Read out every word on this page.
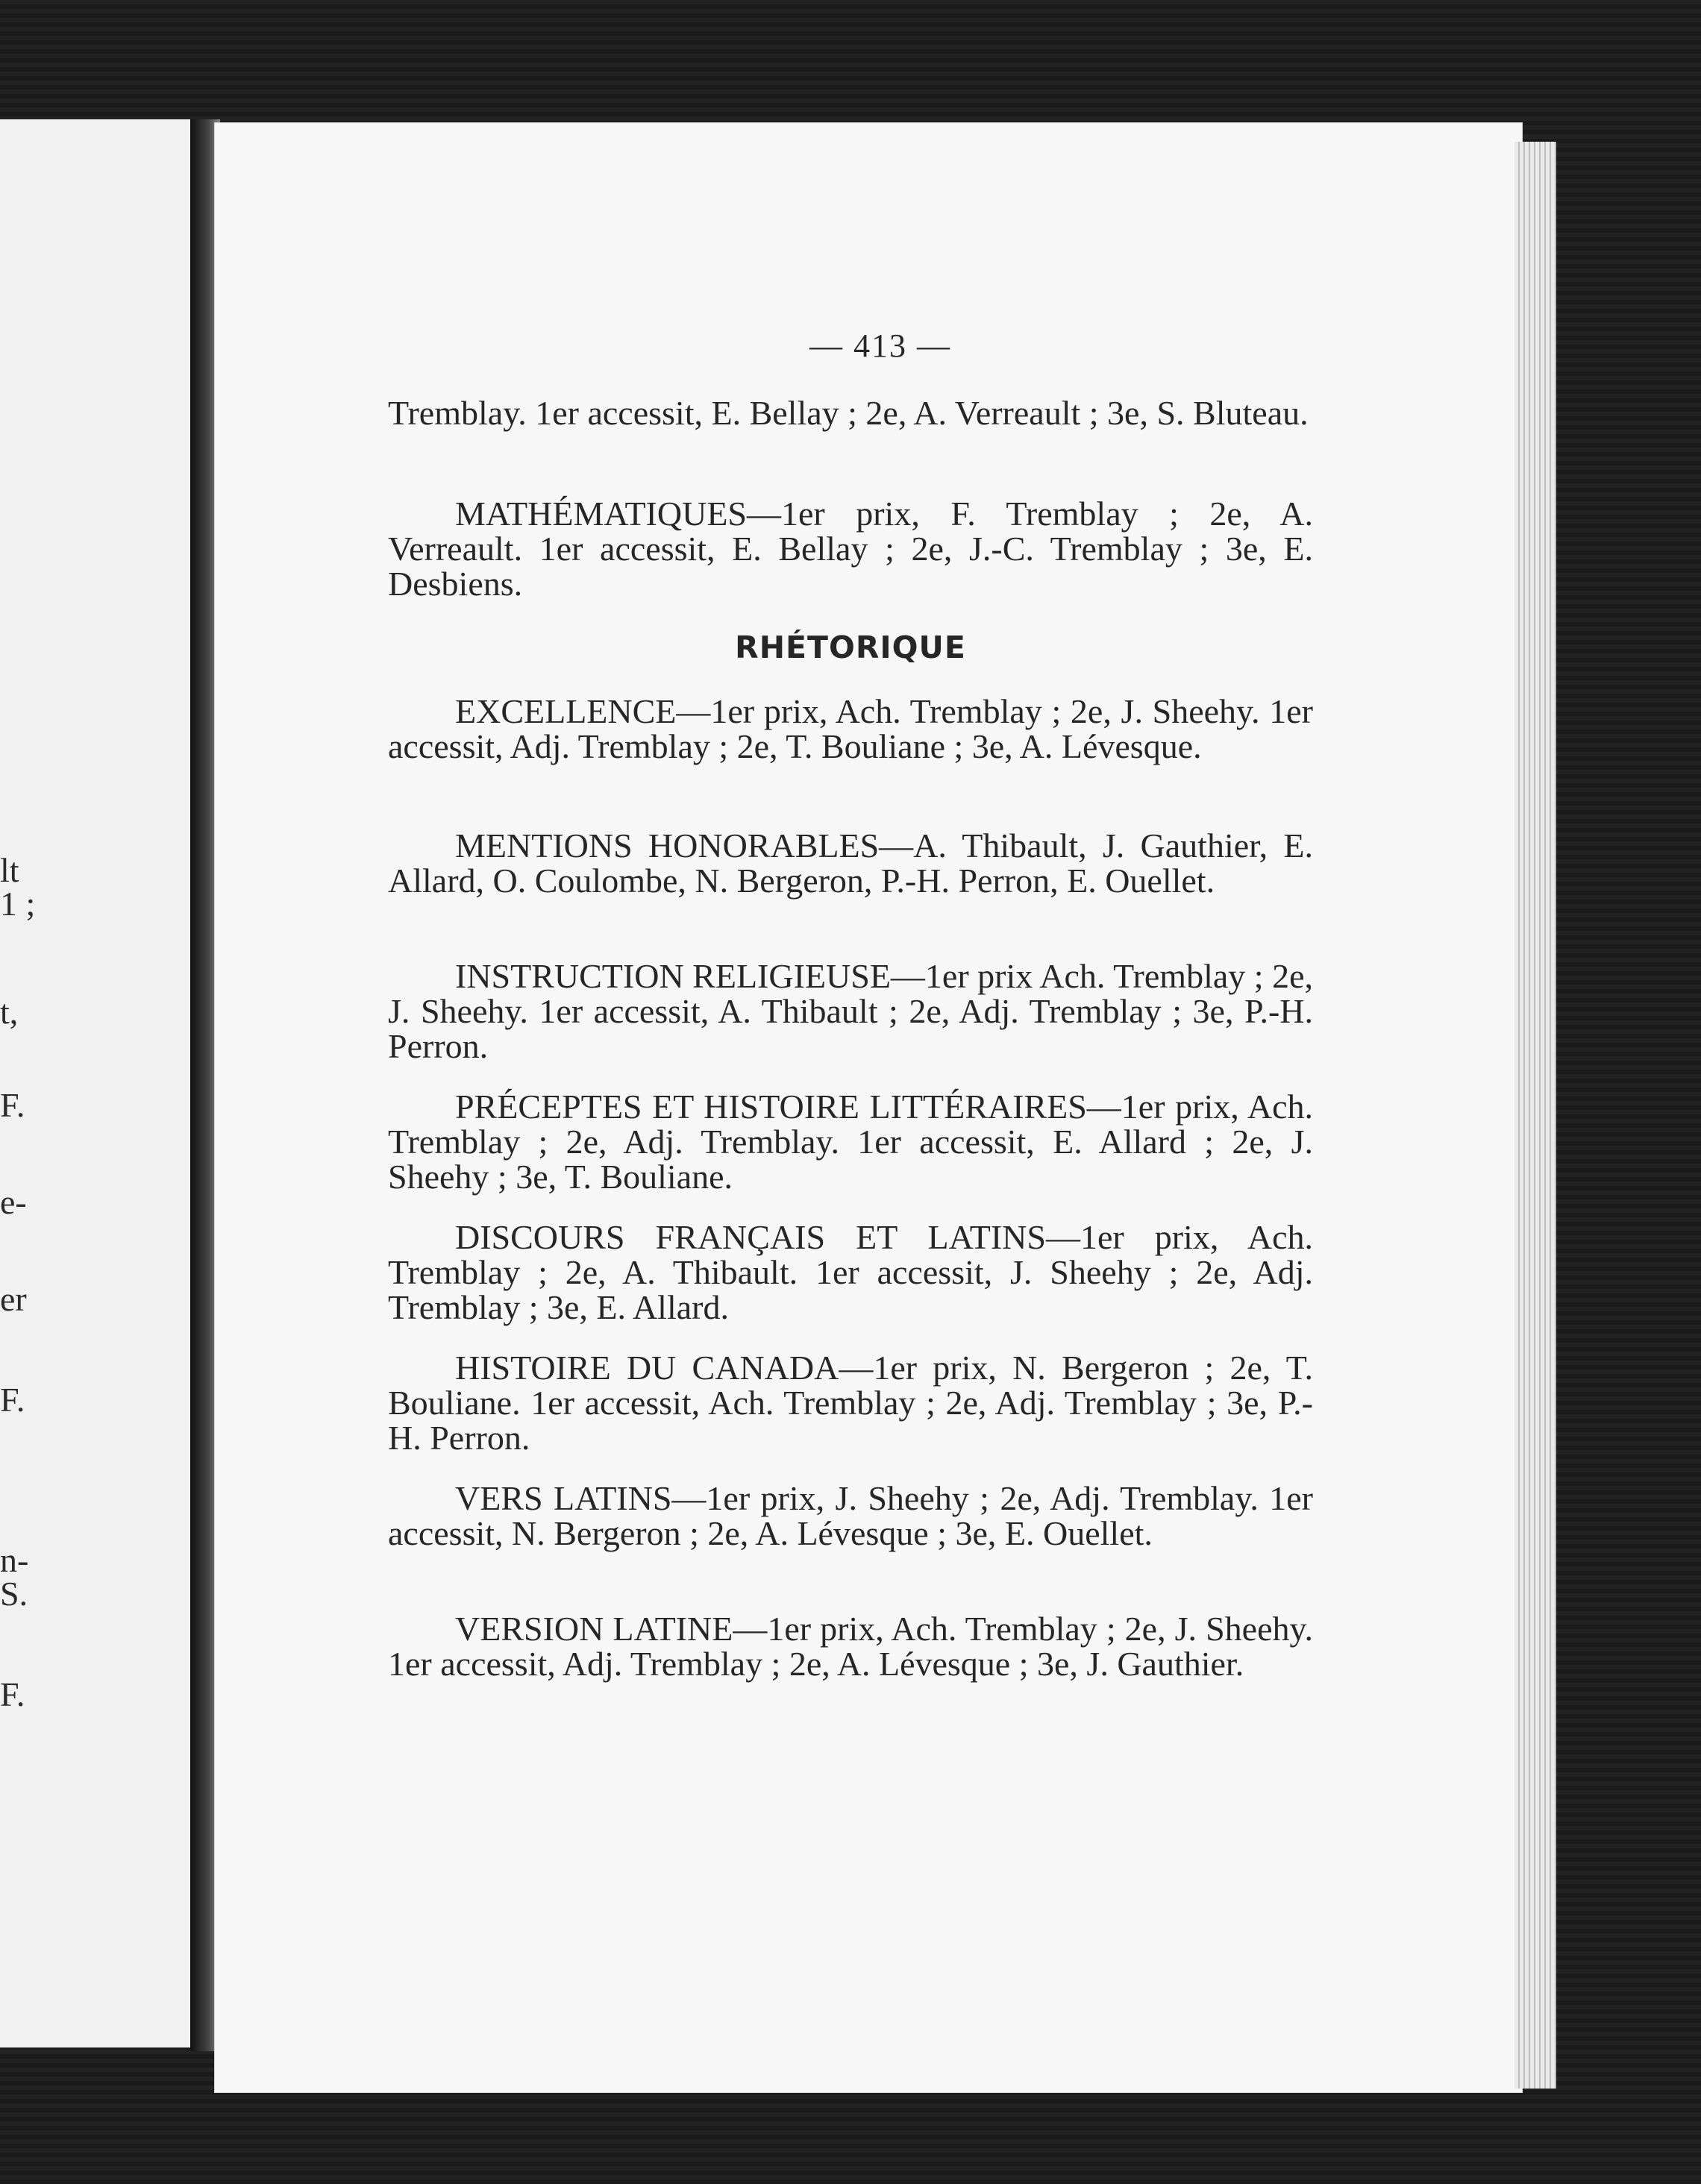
lt
1 ;
t,
F.
e-
er
F.
n-
S.
F.
— 413 —

Tremblay. 1er accessit, E. Bellay ; 2e, A. Verreault ; 3e, S. Bluteau.

MATHÉMATIQUES—1er prix, F. Tremblay ; 2e, A. Verreault. 1er accessit, E. Bellay ; 2e, J.-C. Tremblay ; 3e, E. Desbiens.

RHÉTORIQUE

EXCELLENCE—1er prix, Ach. Tremblay ; 2e, J. Sheehy. 1er accessit, Adj. Tremblay ; 2e, T. Bouliane ; 3e, A. Lévesque.

MENTIONS HONORABLES—A. Thibault, J. Gauthier, E. Allard, O. Coulombe, N. Bergeron, P.-H. Perron, E. Ouellet.

INSTRUCTION RELIGIEUSE—1er prix Ach. Tremblay ; 2e, J. Sheehy. 1er accessit, A. Thibault ; 2e, Adj. Tremblay ; 3e, P.-H. Perron.

PRÉCEPTES ET HISTOIRE LITTÉRAIRES—1er prix, Ach. Tremblay ; 2e, Adj. Tremblay. 1er accessit, E. Allard ; 2e, J. Sheehy ; 3e, T. Bouliane.

DISCOURS FRANÇAIS ET LATINS—1er prix, Ach. Tremblay ; 2e, A. Thibault. 1er accessit, J. Sheehy ; 2e, Adj. Tremblay ; 3e, E. Allard.

HISTOIRE DU CANADA—1er prix, N. Bergeron ; 2e, T. Bouliane. 1er accessit, Ach. Tremblay ; 2e, Adj. Tremblay ; 3e, P.-H. Perron.

VERS LATINS—1er prix, J. Sheehy ; 2e, Adj. Tremblay. 1er accessit, N. Bergeron ; 2e, A. Lévesque ; 3e, E. Ouellet.

VERSION LATINE—1er prix, Ach. Tremblay ; 2e, J. Sheehy. 1er accessit, Adj. Tremblay ; 2e, A. Lévesque ; 3e, J. Gauthier.
